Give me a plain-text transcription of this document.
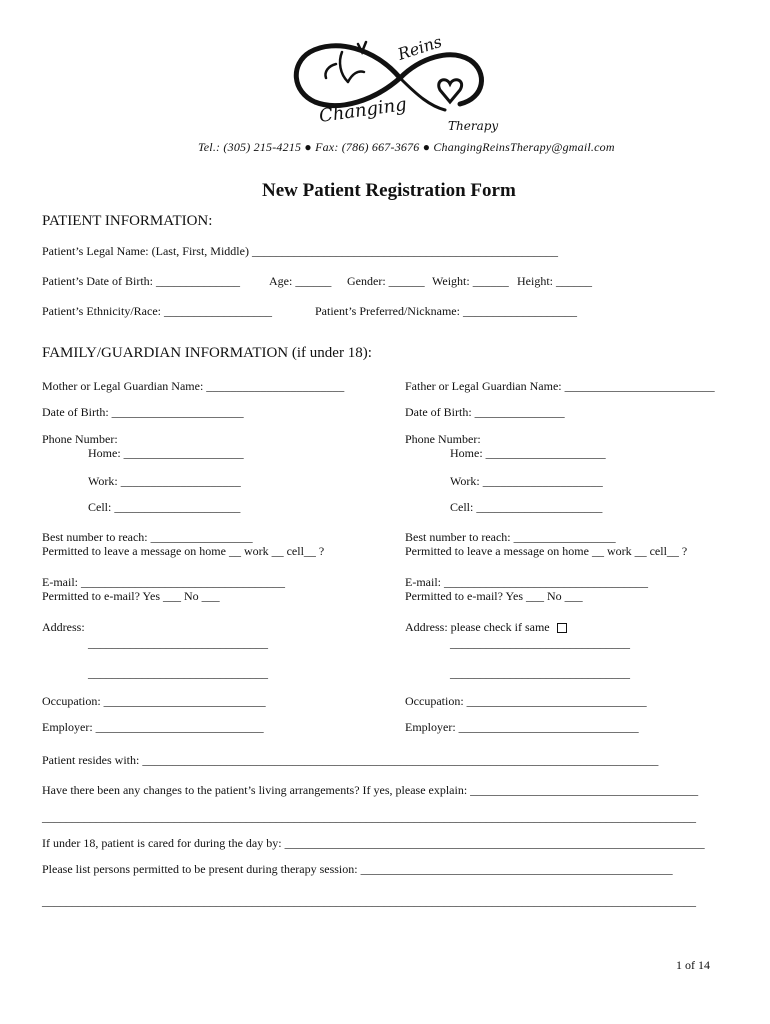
Changing
Reins
Therapy
Tel.: (305) 215-4215 ● Fax: (786) 667-3676 ● ChangingReinsTherapy@gmail.com
New Patient Registration Form
PATIENT INFORMATION:
Patient’s Legal Name: (Last, First, Middle) ___________________________________________________
Patient’s Date of Birth: ______________ Age: ______ Gender: ______ Weight: ______ Height: ______
Patient’s Ethnicity/Race: __________________	Patient’s Preferred/Nickname: ___________________
FAMILY/GUARDIAN INFORMATION (if under 18):
Mother or Legal Guardian Name: _______________________
Date of Birth: ______________________
Phone Number:
Home: ____________________
Work: ____________________
Cell: _____________________
Best number to reach: _________________
Permitted to leave a message on home __ work __ cell__ ?
E-mail: __________________________________
Permitted to e-mail? Yes ___ No ___
Address:
______________________________
______________________________
Occupation: ___________________________
Employer: ____________________________
Father or Legal Guardian Name: _________________________
Date of Birth: _______________
Phone Number:
Home: ____________________
Work: ____________________
Cell: _____________________
Best number to reach: _________________
Permitted to leave a message on home __ work __ cell__ ?
E-mail: __________________________________
Permitted to e-mail? Yes ___ No ___
Address: please check if same
______________________________
______________________________
Occupation: ______________________________
Employer: ______________________________
Patient resides with: ______________________________________________________________________________________
Have there been any changes to the patient’s living arrangements? If yes, please explain: ______________________________________
_____________________________________________________________________________________________________________
If under 18, patient is cared for during the day by: ______________________________________________________________________
Please list persons permitted to be present during therapy session: ____________________________________________________
_____________________________________________________________________________________________________________
1 of 14
